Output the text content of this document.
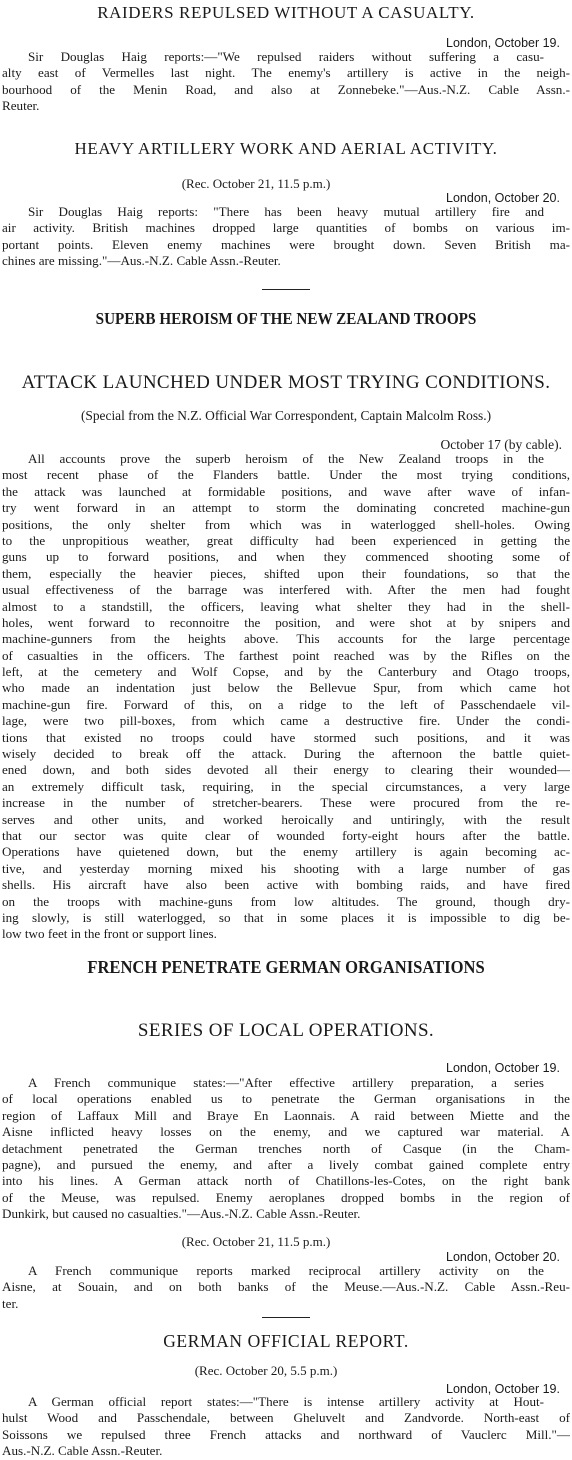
RAIDERS REPULSED WITHOUT A CASUALTY.
London, October 19.
Sir Douglas Haig reports:—"We repulsed raiders without suffering a casu-
alty east of Vermelles last night. The enemy's artillery is active in the neigh-
bourhood of the Menin Road, and also at Zonnebeke."—Aus.-N.Z. Cable Assn.-
Reuter.
HEAVY ARTILLERY WORK AND AERIAL ACTIVITY.
(Rec. October 21, 11.5 p.m.)
London, October 20.
Sir Douglas Haig reports: "There has been heavy mutual artillery fire and
air activity. British machines dropped large quantities of bombs on various im-
portant points. Eleven enemy machines were brought down. Seven British ma-
chines are missing."—Aus.-N.Z. Cable Assn.-Reuter.
SUPERB HEROISM OF THE NEW ZEALAND TROOPS
ATTACK LAUNCHED UNDER MOST TRYING CONDITIONS.
(Special from the N.Z. Official War Correspondent, Captain Malcolm Ross.)
October 17 (by cable).
All accounts prove the superb heroism of the New Zealand troops in the
most recent phase of the Flanders battle. Under the most trying conditions,
the attack was launched at formidable positions, and wave after wave of infan-
try went forward in an attempt to storm the dominating concreted machine-gun
positions, the only shelter from which was in waterlogged shell-holes. Owing
to the unpropitious weather, great difficulty had been experienced in getting the
guns up to forward positions, and when they commenced shooting some of
them, especially the heavier pieces, shifted upon their foundations, so that the
usual effectiveness of the barrage was interfered with. After the men had fought
almost to a standstill, the officers, leaving what shelter they had in the shell-
holes, went forward to reconnoitre the position, and were shot at by snipers and
machine-gunners from the heights above. This accounts for the large percentage
of casualties in the officers. The farthest point reached was by the Rifles on the
left, at the cemetery and Wolf Copse, and by the Canterbury and Otago troops,
who made an indentation just below the Bellevue Spur, from which came hot
machine-gun fire. Forward of this, on a ridge to the left of Passchendaele vil-
lage, were two pill-boxes, from which came a destructive fire. Under the condi-
tions that existed no troops could have stormed such positions, and it was
wisely decided to break off the attack. During the afternoon the battle quiet-
ened down, and both sides devoted all their energy to clearing their wounded—
an extremely difficult task, requiring, in the special circumstances, a very large
increase in the number of stretcher-bearers. These were procured from the re-
serves and other units, and worked heroically and untiringly, with the result
that our sector was quite clear of wounded forty-eight hours after the battle.
Operations have quietened down, but the enemy artillery is again becoming ac-
tive, and yesterday morning mixed his shooting with a large number of gas
shells. His aircraft have also been active with bombing raids, and have fired
on the troops with machine-guns from low altitudes. The ground, though dry-
ing slowly, is still waterlogged, so that in some places it is impossible to dig be-
low two feet in the front or support lines.
FRENCH PENETRATE GERMAN ORGANISATIONS
SERIES OF LOCAL OPERATIONS.
London, October 19.
A French communique states:—"After effective artillery preparation, a series
of local operations enabled us to penetrate the German organisations in the
region of Laffaux Mill and Braye En Laonnais. A raid between Miette and the
Aisne inflicted heavy losses on the enemy, and we captured war material. A
detachment penetrated the German trenches north of Casque (in the Cham-
pagne), and pursued the enemy, and after a lively combat gained complete entry
into his lines. A German attack north of Chatillons-les-Cotes, on the right bank
of the Meuse, was repulsed. Enemy aeroplanes dropped bombs in the region of
Dunkirk, but caused no casualties."—Aus.-N.Z. Cable Assn.-Reuter.
(Rec. October 21, 11.5 p.m.)
London, October 20.
A French communique reports marked reciprocal artillery activity on the
Aisne, at Souain, and on both banks of the Meuse.—Aus.-N.Z. Cable Assn.-Reu-
ter.
GERMAN OFFICIAL REPORT.
(Rec. October 20, 5.5 p.m.)
London, October 19.
A German official report states:—"There is intense artillery activity at Hout-
hulst Wood and Passchendale, between Gheluvelt and Zandvorde. North-east of
Soissons we repulsed three French attacks and northward of Vauclerc Mill."—
Aus.-N.Z. Cable Assn.-Reuter.
